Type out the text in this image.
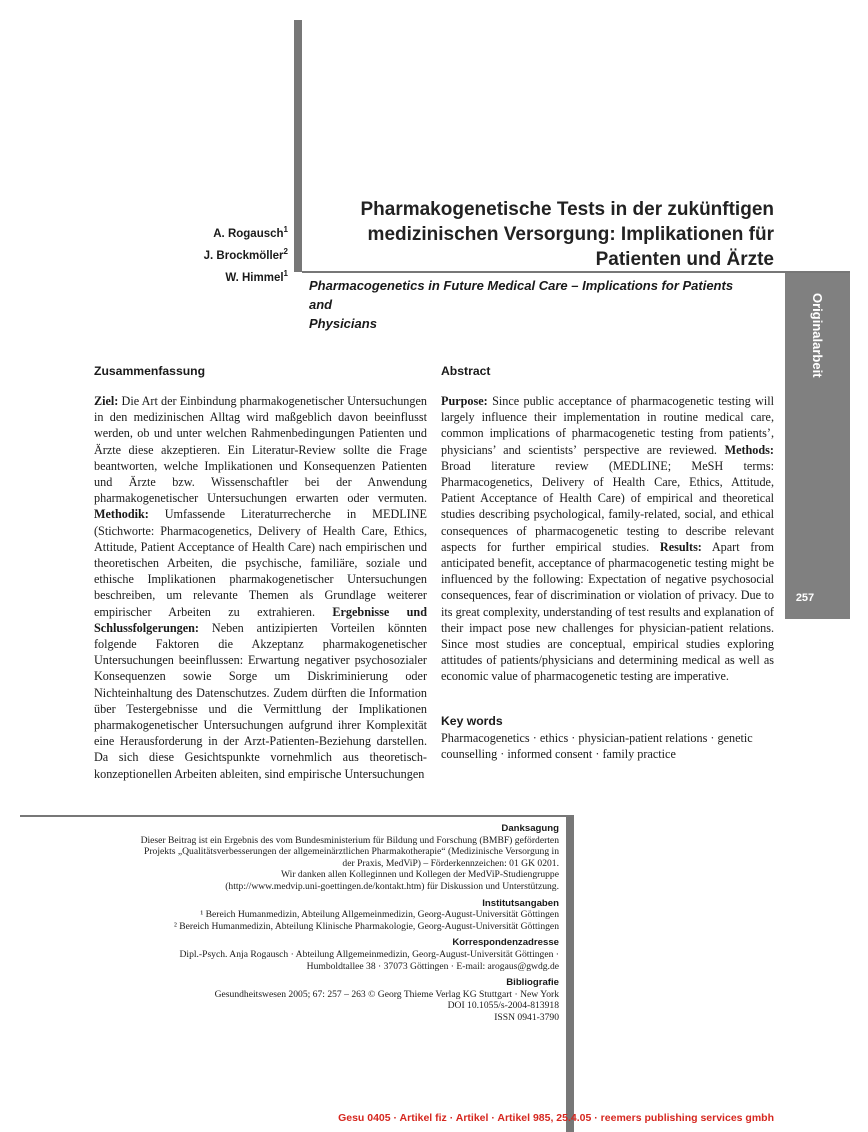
Originalarbeit
257
A. Rogausch$^1$
J. Brockmöller$^2$
W. Himmel$^1$
Pharmakogenetische Tests in der zukünftigen
medizinischen Versorgung: Implikationen für
Patienten und Ärzte
Pharmacogenetics in Future Medical Care – Implications for Patients and
Physicians
Zusammenfassung
Ziel: Die Art der Einbindung pharmakogenetischer Untersuchungen in den medizinischen Alltag wird maßgeblich davon beeinflusst werden, ob und unter welchen Rahmenbedingungen Patienten und Ärzte diese akzeptieren. Ein Literatur-Review sollte die Frage beantworten, welche Implikationen und Konsequenzen Patienten und Ärzte bzw. Wissenschaftler bei der Anwendung pharmakogenetischer Untersuchungen erwarten oder vermuten. Methodik: Umfassende Literaturrecherche in MEDLINE (Stichworte: Pharmacogenetics, Delivery of Health Care, Ethics, Attitude, Patient Acceptance of Health Care) nach empirischen und theoretischen Arbeiten, die psychische, familiäre, soziale und ethische Implikationen pharmakogenetischer Untersuchungen beschreiben, um relevante Themen als Grundlage weiterer empirischer Arbeiten zu extrahieren. Ergebnisse und Schlussfolgerungen: Neben antizipierten Vorteilen könnten folgende Faktoren die Akzeptanz pharmakogenetischer Untersuchungen beeinflussen: Erwartung negativer psychosozialer Konsequenzen sowie Sorge um Diskriminierung oder Nichteinhaltung des Datenschutzes. Zudem dürften die Information über Testergebnisse und die Vermittlung der Implikationen pharmakogenetischer Untersuchungen aufgrund ihrer Komplexität eine Herausforderung in der Arzt-Patienten-Beziehung darstellen. Da sich diese Gesichtspunkte vornehmlich aus theoretisch-konzeptionellen Arbeiten ableiten, sind empirische Untersuchungen
Abstract
Purpose: Since public acceptance of pharmacogenetic testing will largely influence their implementation in routine medical care, common implications of pharmacogenetic testing from patients’, physicians’ and scientists’ perspective are reviewed. Methods: Broad literature review (MEDLINE; MeSH terms: Pharmacogenetics, Delivery of Health Care, Ethics, Attitude, Patient Acceptance of Health Care) of empirical and theoretical studies describing psychological, family-related, social, and ethical consequences of pharmacogenetic testing to describe relevant aspects for further empirical studies. Results: Apart from anticipated benefit, acceptance of pharmacogenetic testing might be influenced by the following: Expectation of negative psychosocial consequences, fear of discrimination or violation of privacy. Due to its great complexity, understanding of test results and explanation of their impact pose new challenges for physician-patient relations. Since most studies are conceptual, empirical studies exploring attitudes of patients/physicians and determining medical as well as economic value of pharmacogenetic testing are imperative.
Key words
Pharmacogenetics · ethics · physician-patient relations · genetic counselling · informed consent · family practice

Danksagung

Dieser Beitrag ist ein Ergebnis des vom Bundesministerium für Bildung und Forschung (BMBF) geförderten

Projekts „Qualitätsverbesserungen der allgemeinärztlichen Pharmakotherapie“ (Medizinische Versorgung in

der Praxis, MedViP) – Förderkennzeichen: 01 GK 0201.

Wir danken allen Kolleginnen und Kollegen der MedViP-Studiengruppe

(http://www.medvip.uni-goettingen.de/kontakt.htm) für Diskussion und Unterstützung.

Institutsangaben

¹ Bereich Humanmedizin, Abteilung Allgemeinmedizin, Georg-August-Universität Göttingen

² Bereich Humanmedizin, Abteilung Klinische Pharmakologie, Georg-August-Universität Göttingen

Korrespondenzadresse

Dipl.-Psych. Anja Rogausch · Abteilung Allgemeinmedizin, Georg-August-Universität Göttingen ·

Humboldtallee 38 · 37073 Göttingen · E-mail: arogaus@gwdg.de

Bibliografie

Gesundheitswesen 2005; 67: 257 – 263 © Georg Thieme Verlag KG Stuttgart · New York

DOI 10.1055/s-2004-813918

ISSN 0941-3790

Gesu 0405 · Artikel fiz · Artikel · Artikel 985, 25.4.05 · reemers publishing services gmbh
